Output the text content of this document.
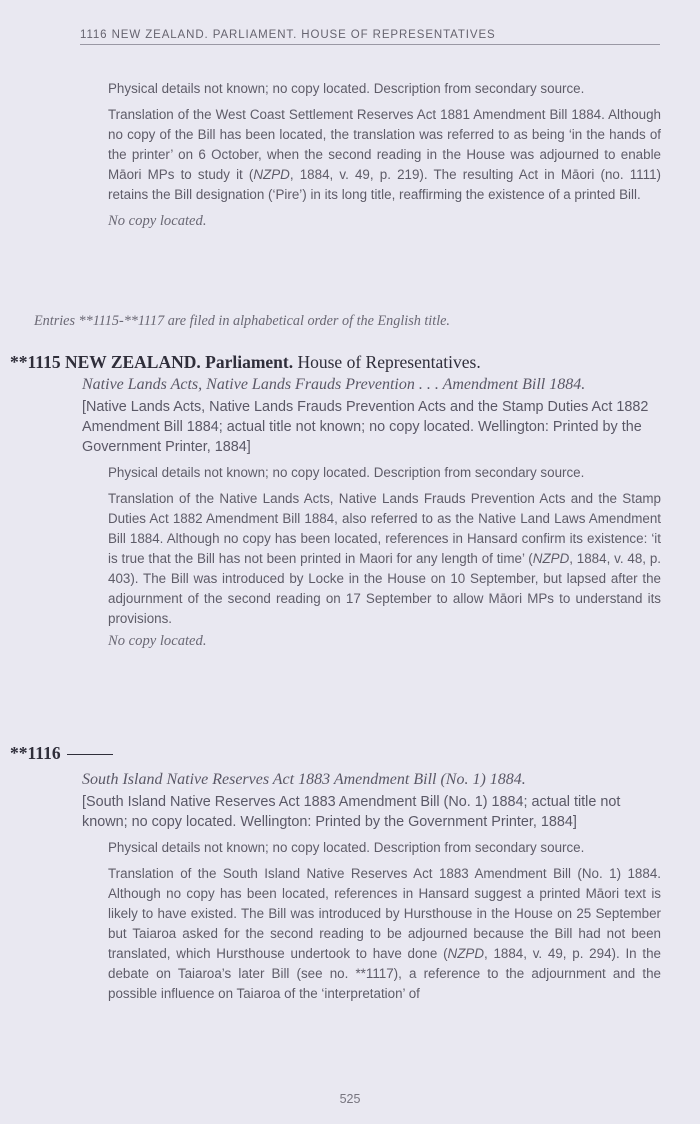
1116 NEW ZEALAND. PARLIAMENT. HOUSE OF REPRESENTATIVES

Physical details not known; no copy located. Description from secondary source.

Translation of the West Coast Settlement Reserves Act 1881 Amendment Bill 1884. Although no copy of the Bill has been located, the translation was referred to as being ‘in the hands of the printer’ on 6 October, when the second reading in the House was adjourned to enable Māori MPs to study it (NZPD, 1884, v. 49, p. 219). The resulting Act in Māori (no. 1111) retains the Bill designation (‘Pire’) in its long title, reaffirming the existence of a printed Bill.

No copy located.
Entries **1115-**1117 are filed in alphabetical order of the English title.
**1115 NEW ZEALAND. Parliament. House of Representatives.
Native Lands Acts, Native Lands Frauds Prevention . . . Amendment Bill 1884.
[Native Lands Acts, Native Lands Frauds Prevention Acts and the Stamp Duties Act 1882 Amendment Bill 1884; actual title not known; no copy located. Wellington: Printed by the Government Printer, 1884]

Physical details not known; no copy located. Description from secondary source.

Translation of the Native Lands Acts, Native Lands Frauds Prevention Acts and the Stamp Duties Act 1882 Amendment Bill 1884, also referred to as the Native Land Laws Amendment Bill 1884. Although no copy has been located, references in Hansard confirm its existence: ‘it is true that the Bill has not been printed in Maori for any length of time’ (NZPD, 1884, v. 48, p. 403). The Bill was introduced by Locke in the House on 10 September, but lapsed after the adjournment of the second reading on 17 September to allow Māori MPs to understand its provisions.

No copy located.
**1116
South Island Native Reserves Act 1883 Amendment Bill (No. 1) 1884.
[South Island Native Reserves Act 1883 Amendment Bill (No. 1) 1884; actual title not known; no copy located. Wellington: Printed by the Government Printer, 1884]

Physical details not known; no copy located. Description from secondary source.

Translation of the South Island Native Reserves Act 1883 Amendment Bill (No. 1) 1884. Although no copy has been located, references in Hansard suggest a printed Māori text is likely to have existed. The Bill was introduced by Hursthouse in the House on 25 September but Taiaroa asked for the second reading to be adjourned because the Bill had not been translated, which Hursthouse undertook to have done (NZPD, 1884, v. 49, p. 294). In the debate on Taiaroa’s later Bill (see no. **1117), a reference to the adjournment and the possible influence on Taiaroa of the ‘interpretation’ of

525
